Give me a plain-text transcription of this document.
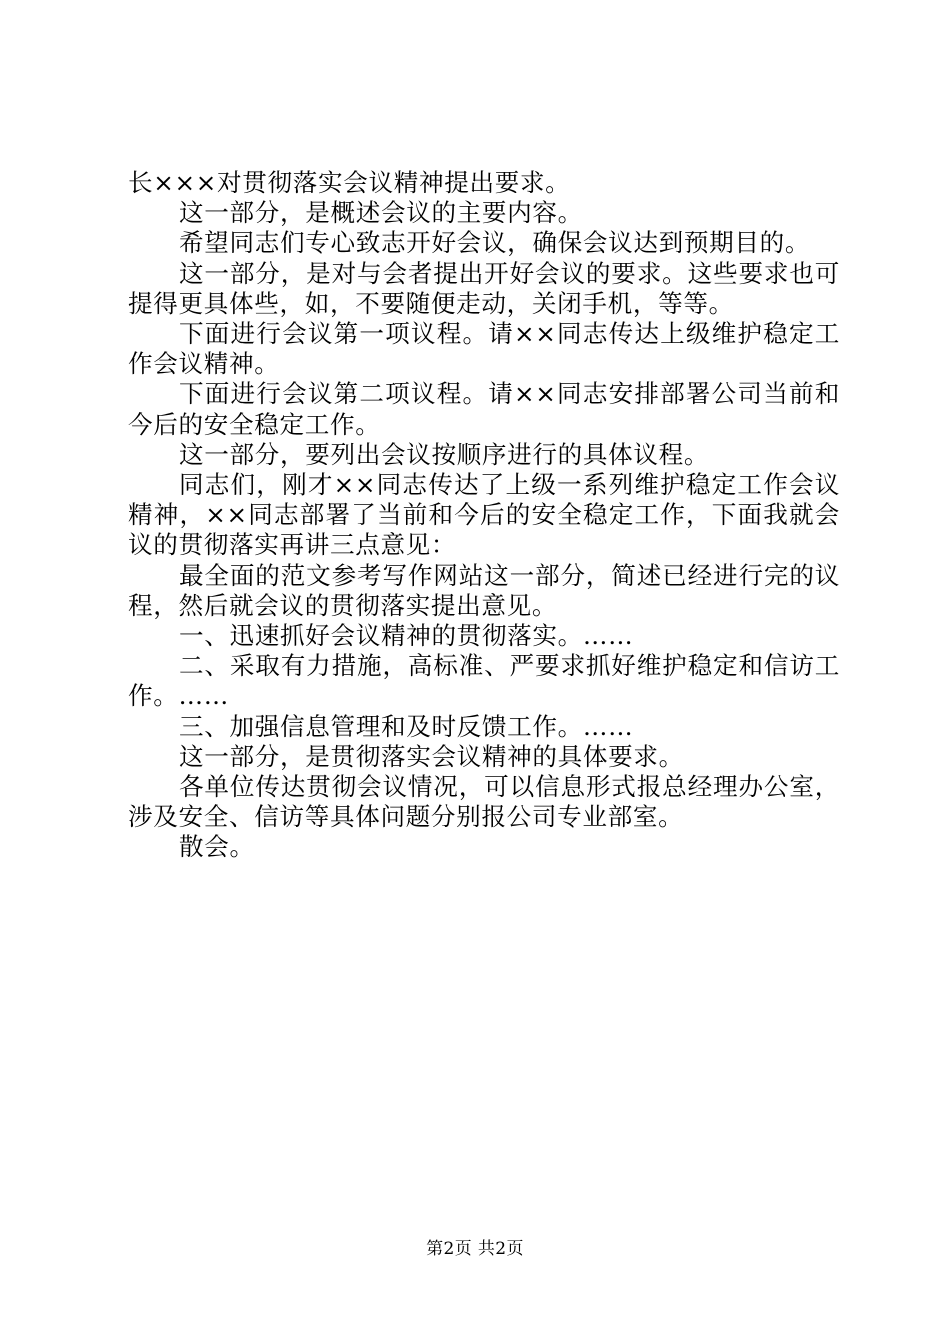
长×××对贯彻落实会议精神提出要求。

这一部分，是概述会议的主要内容。

希望同志们专心致志开好会议，确保会议达到预期目的。

这一部分，是对与会者提出开好会议的要求。这些要求也可提得更具体些，如，不要随便走动，关闭手机，等等。

下面进行会议第一项议程。请××同志传达上级维护稳定工作会议精神。

下面进行会议第二项议程。请××同志安排部署公司当前和今后的安全稳定工作。

这一部分，要列出会议按顺序进行的具体议程。

同志们，刚才××同志传达了上级一系列维护稳定工作会议精神，××同志部署了当前和今后的安全稳定工作，下面我就会议的贯彻落实再讲三点意见：

最全面的范文参考写作网站这一部分，简述已经进行完的议程，然后就会议的贯彻落实提出意见。

一、迅速抓好会议精神的贯彻落实。……

二、采取有力措施，高标准、严要求抓好维护稳定和信访工作。……

三、加强信息管理和及时反馈工作。……

这一部分，是贯彻落实会议精神的具体要求。

各单位传达贯彻会议情况，可以信息形式报总经理办公室，涉及安全、信访等具体问题分别报公司专业部室。

散会。

第2页 共2页
